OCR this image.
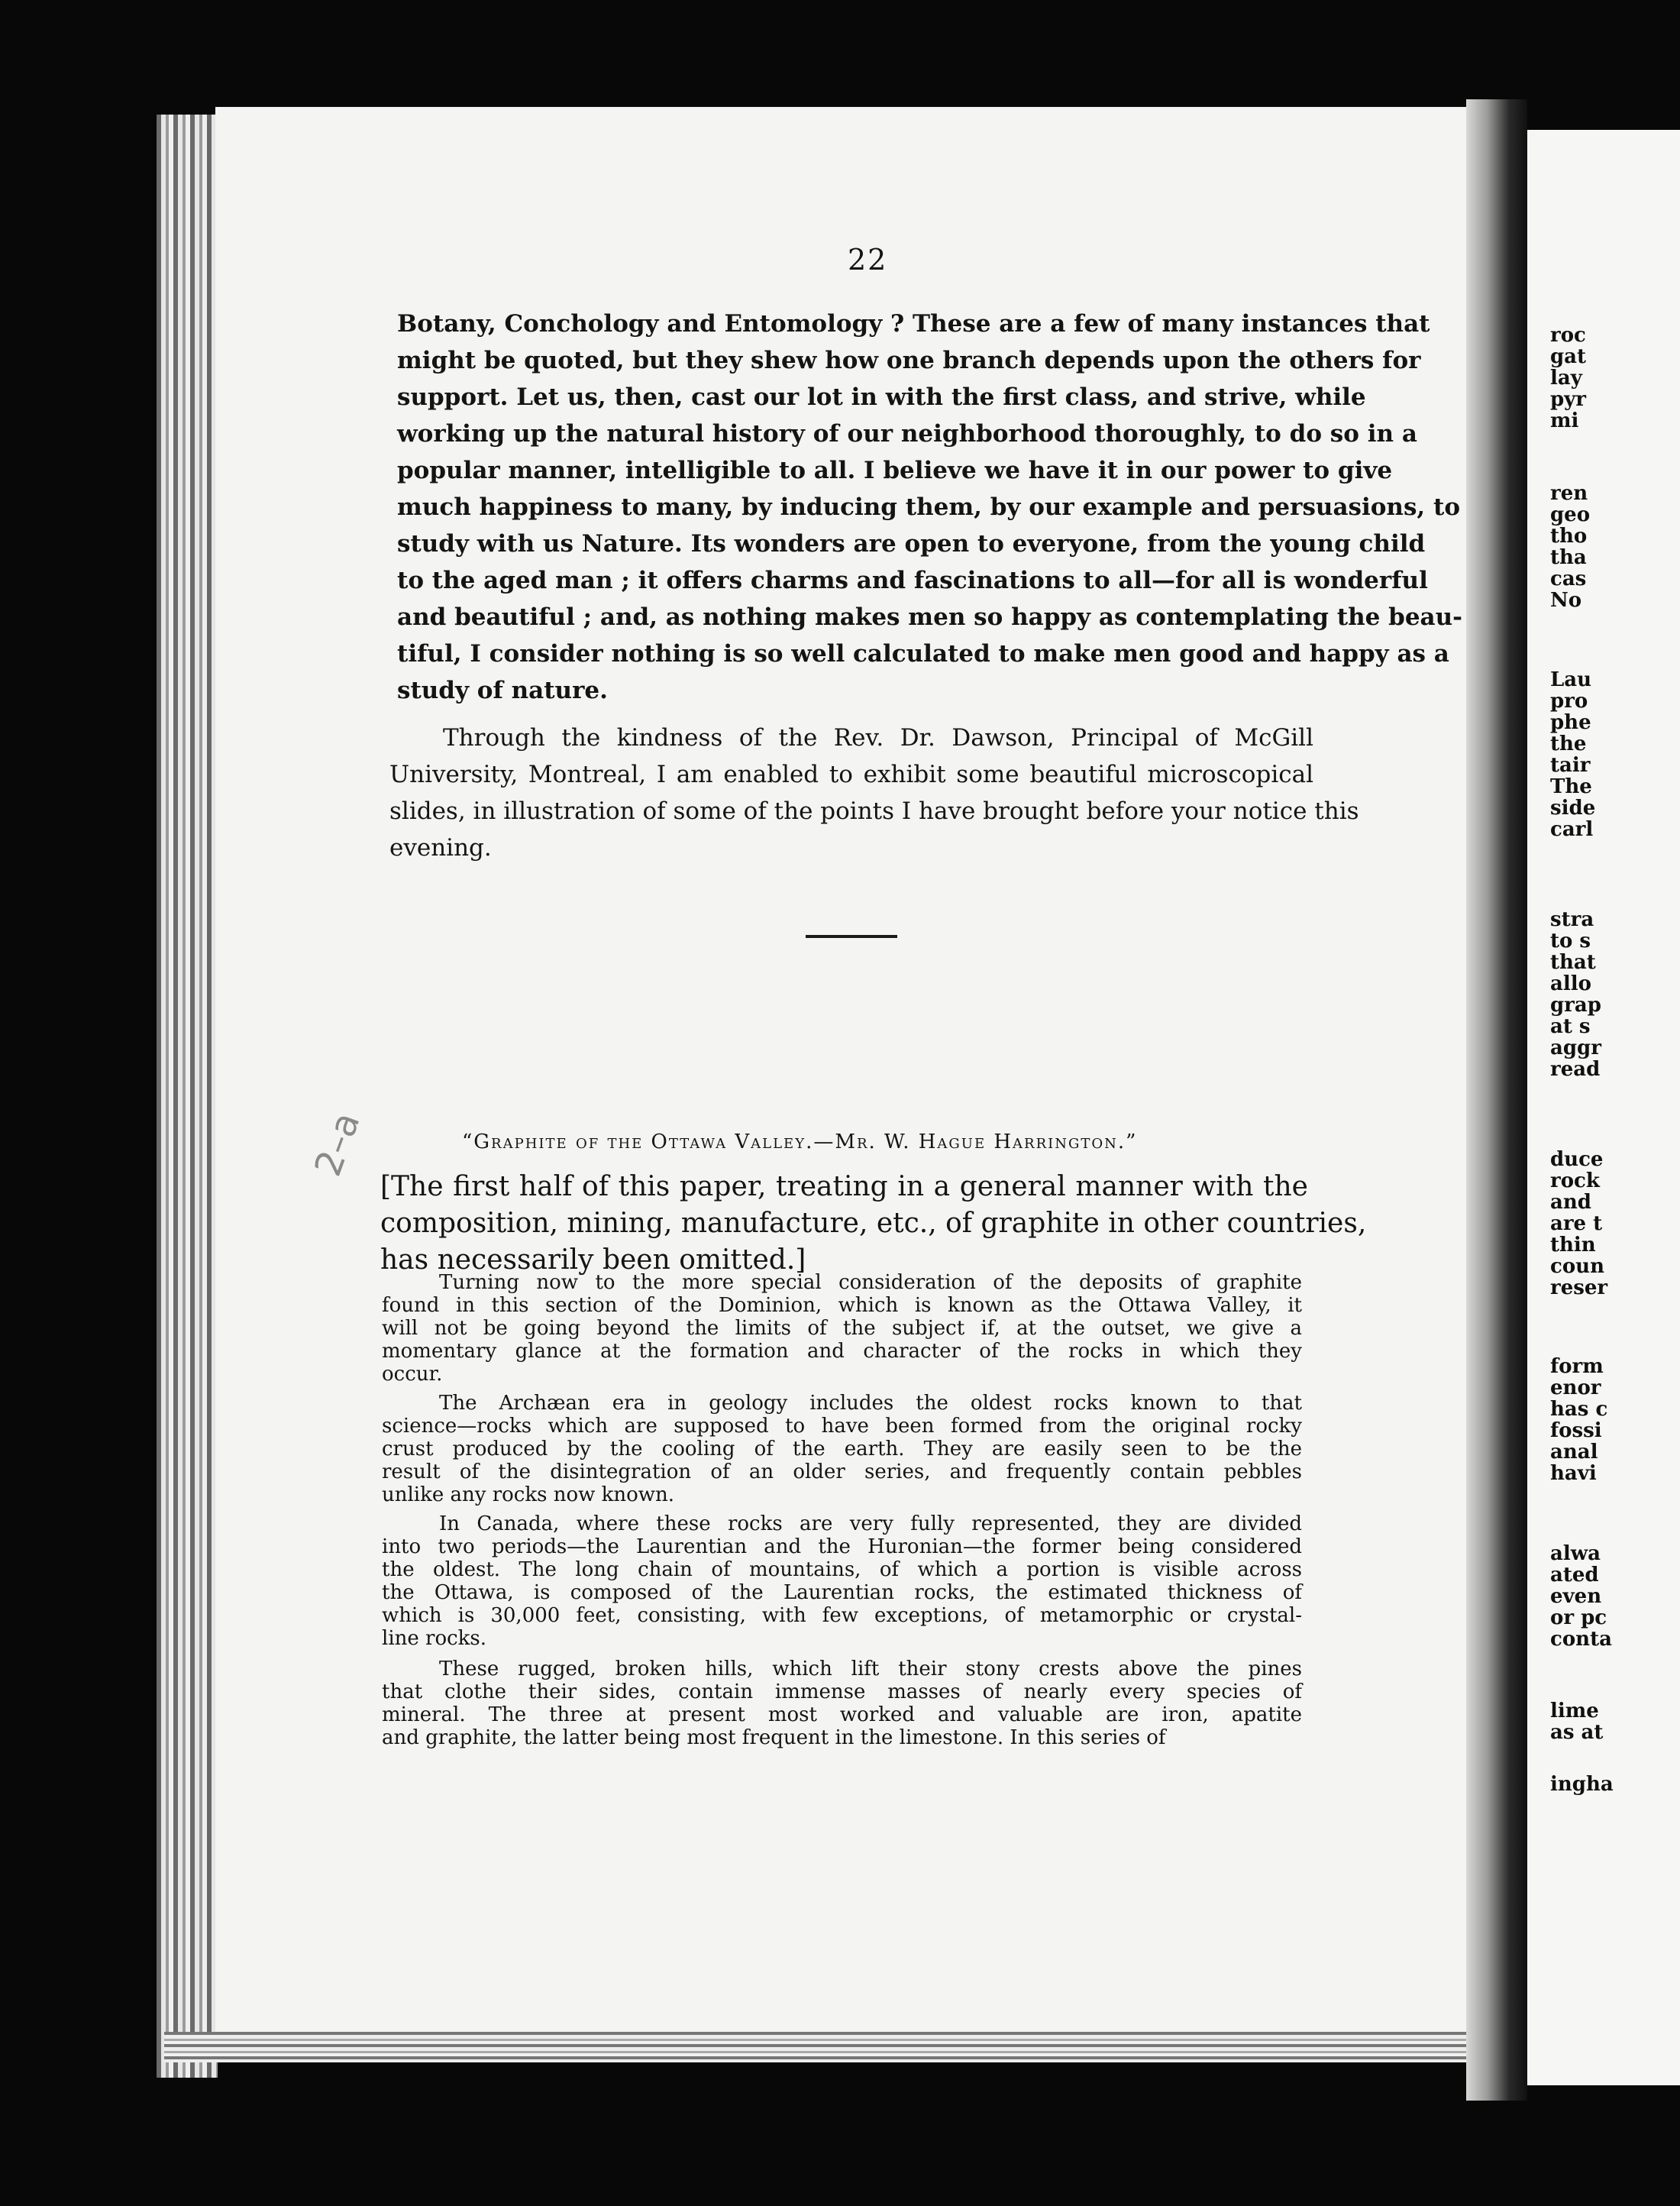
22
Botany, Conchology and Entomology ? These are a few of many instances that
might be quoted, but they shew how one branch depends upon the others for
support. Let us, then, cast our lot in with the first class, and strive, while
working up the natural history of our neighborhood thoroughly, to do so in a
popular manner, intelligible to all. I believe we have it in our power to give
much happiness to many, by inducing them, by our example and persuasions, to
study with us Nature. Its wonders are open to everyone, from the young child
to the aged man ; it offers charms and fascinations to all—for all is wonderful
and beautiful ; and, as nothing makes men so happy as contemplating the beau-
tiful, I consider nothing is so well calculated to make men good and happy as a
study of nature.
Through the kindness of the Rev. Dr. Dawson, Principal of McGill
University, Montreal, I am enabled to exhibit some beautiful microscopical
slides, in illustration of some of the points I have brought before your notice this
evening.
2–a	“Graphite of the Ottawa Valley.—Mr. W. Hague Harrington.”
[The first half of this paper, treating in a general manner with the
composition, mining, manufacture, etc., of graphite in other countries,
has necessarily been omitted.]
Turning now to the more special consideration of the deposits of graphite
found in this section of the Dominion, which is known as the Ottawa Valley, it
will not be going beyond the limits of the subject if, at the outset, we give a
momentary glance at the formation and character of the rocks in which they
occur.
The Archæan era in geology includes the oldest rocks known to that
science—rocks which are supposed to have been formed from the original rocky
crust produced by the cooling of the earth. They are easily seen to be the
result of the disintegration of an older series, and frequently contain pebbles
unlike any rocks now known.
In Canada, where these rocks are very fully represented, they are divided
into two periods—the Laurentian and the Huronian—the former being considered
the oldest. The long chain of mountains, of which a portion is visible across
the Ottawa, is composed of the Laurentian rocks, the estimated thickness of
which is 30,000 feet, consisting, with few exceptions, of metamorphic or crystal-
line rocks.
These rugged, broken hills, which lift their stony crests above the pines
that clothe their sides, contain immense masses of nearly every species of
mineral. The three at present most worked and valuable are iron, apatite
and graphite, the latter being most frequent in the limestone. In this series of
roc
gat
lay
pyr
mi
ren
geo
tho
tha
cas
No
Lau
pro
phe
the
tair
The
side
carl
stra
to s
that
allo
grap
at s
aggr
read
duce
rock
and
are t
thin
coun
reser
form
enor
has c
fossi
anal
havi
alwa
ated
even
or pc
conta
lime
as at
ingha
